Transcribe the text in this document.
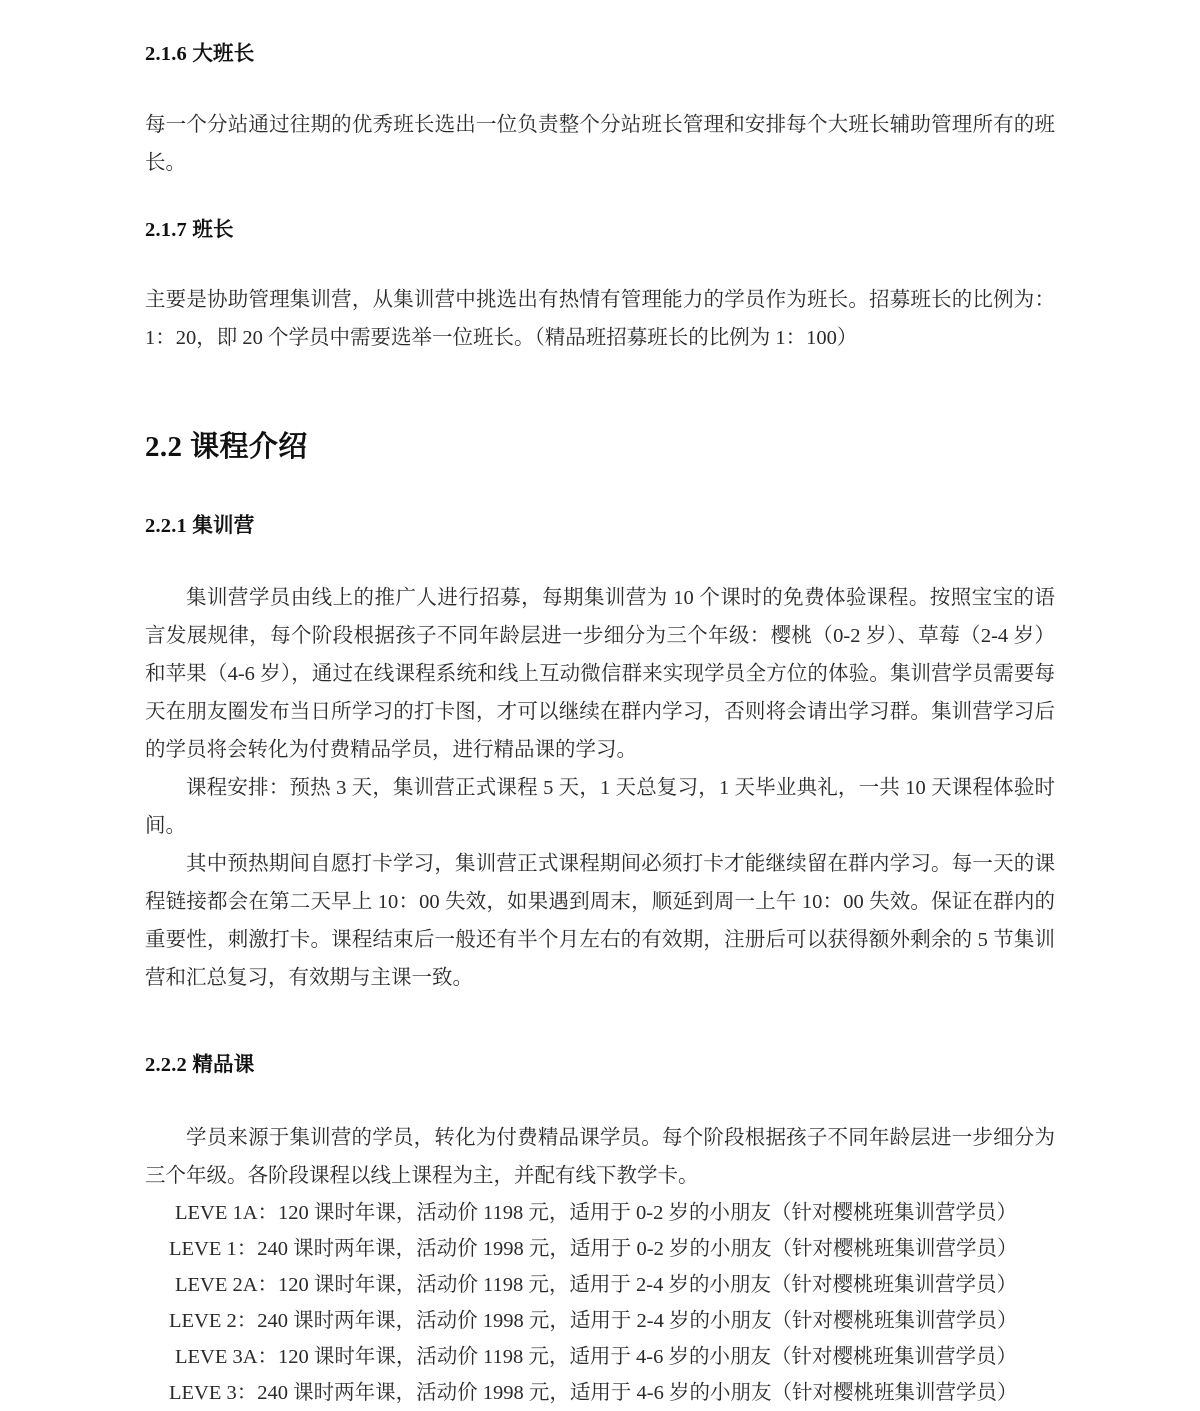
2.1.6 大班长

每一个分站通过往期的优秀班长选出一位负责整个分站班长管理和安排每个大班长辅助管理所有的班长。

2.1.7 班长

主要是协助管理集训营，从集训营中挑选出有热情有管理能力的学员作为班长。招募班长的比例为：1：20，即 20 个学员中需要选举一位班长。（精品班招募班长的比例为 1：100）

2.2 课程介绍
2.2.1 集训营

集训营学员由线上的推广人进行招募，每期集训营为 10 个课时的免费体验课程。按照宝宝的语言发展规律，每个阶段根据孩子不同年龄层进一步细分为三个年级：樱桃（0-2 岁）、草莓（2-4 岁）和苹果（4-6 岁），通过在线课程系统和线上互动微信群来实现学员全方位的体验。集训营学员需要每天在朋友圈发布当日所学习的打卡图，才可以继续在群内学习，否则将会请出学习群。集训营学习后的学员将会转化为付费精品学员，进行精品课的学习。

课程安排：预热 3 天，集训营正式课程 5 天，1 天总复习，1 天毕业典礼，一共 10 天课程体验时间。

其中预热期间自愿打卡学习，集训营正式课程期间必须打卡才能继续留在群内学习。每一天的课程链接都会在第二天早上 10：00 失效，如果遇到周末，顺延到周一上午 10：00 失效。保证在群内的重要性，刺激打卡。课程结束后一般还有半个月左右的有效期，注册后可以获得额外剩余的 5 节集训营和汇总复习，有效期与主课一致。

2.2.2 精品课

学员来源于集训营的学员，转化为付费精品课学员。每个阶段根据孩子不同年龄层进一步细分为三个年级。各阶段课程以线上课程为主，并配有线下教学卡。

LEVE 1A：120 课时年课，活动价 1198 元，适用于 0-2 岁的小朋友（针对樱桃班集训营学员）
LEVE 1：240 课时两年课，活动价 1998 元，适用于 0-2 岁的小朋友（针对樱桃班集训营学员）
LEVE 2A：120 课时年课，活动价 1198 元，适用于 2-4 岁的小朋友（针对樱桃班集训营学员）
LEVE 2：240 课时两年课，活动价 1998 元，适用于 2-4 岁的小朋友（针对樱桃班集训营学员）
LEVE 3A：120 课时年课，活动价 1198 元，适用于 4-6 岁的小朋友（针对樱桃班集训营学员）
LEVE 3：240 课时两年课，活动价 1998 元，适用于 4-6 岁的小朋友（针对樱桃班集训营学员）
